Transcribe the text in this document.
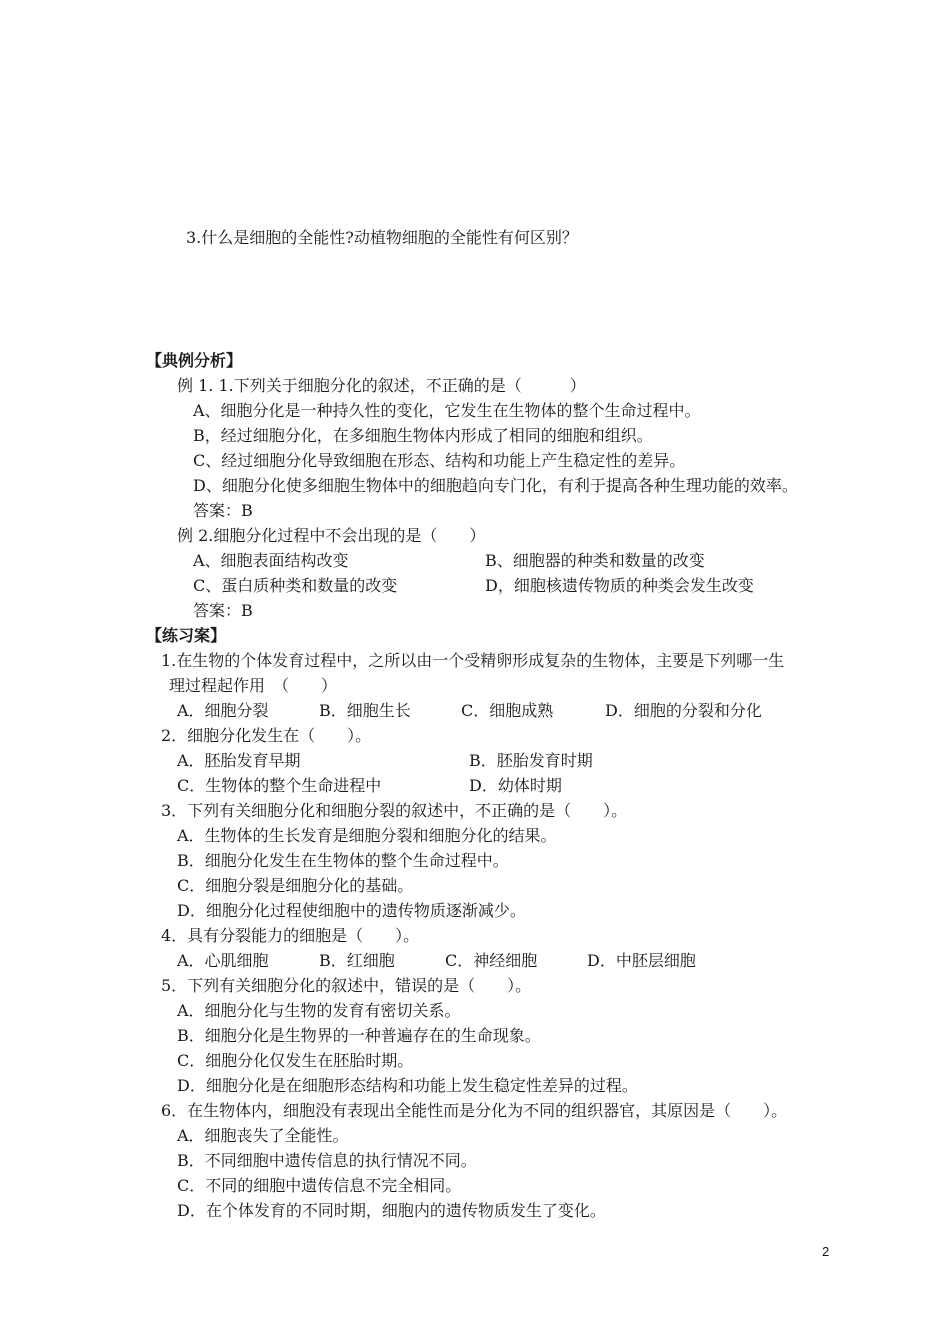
3.什么是细胞的全能性?动植物细胞的全能性有何区别？
【典例分析】
例 1. 1.下列关于细胞分化的叙述，不正确的是（　　　）
A、细胞分化是一种持久性的变化，它发生在生物体的整个生命过程中。
B，经过细胞分化，在多细胞生物体内形成了相同的细胞和组织。
C、经过细胞分化导致细胞在形态、结构和功能上产生稳定性的差异。
D、细胞分化使多细胞生物体中的细胞趋向专门化，有利于提高各种生理功能的效率。
答案：B
例 2.细胞分化过程中不会出现的是（　　）
A、细胞表面结构改变	B、细胞器的种类和数量的改变
C、蛋白质种类和数量的改变	D，细胞核遗传物质的种类会发生改变
答案：B
【练习案】
1.在生物的个体发育过程中，之所以由一个受精卵形成复杂的生物体，主要是下列哪一生
理过程起作用　（　　）
A．细胞分裂	B．细胞生长	C．细胞成熟	D．细胞的分裂和分化
2．细胞分化发生在（　　）。
A．胚胎发育早期	B．胚胎发育时期
C．生物体的整个生命进程中	D．幼体时期
3．下列有关细胞分化和细胞分裂的叙述中，不正确的是（　　）。
A．生物体的生长发育是细胞分裂和细胞分化的结果。
B．细胞分化发生在生物体的整个生命过程中。
C．细胞分裂是细胞分化的基础。
D．细胞分化过程使细胞中的遗传物质逐渐减少。
4．具有分裂能力的细胞是（　　）。
A．心肌细胞	B．红细胞	C．神经细胞	D．中胚层细胞
5．下列有关细胞分化的叙述中，错误的是（　　）。
A．细胞分化与生物的发育有密切关系。
B．细胞分化是生物界的一种普遍存在的生命现象。
C．细胞分化仅发生在胚胎时期。
D．细胞分化是在细胞形态结构和功能上发生稳定性差异的过程。
6．在生物体内，细胞没有表现出全能性而是分化为不同的组织器官，其原因是（　　）。
A．细胞丧失了全能性。
B．不同细胞中遗传信息的执行情况不同。
C．不同的细胞中遗传信息不完全相同。
D．在个体发育的不同时期，细胞内的遗传物质发生了变化。
2
